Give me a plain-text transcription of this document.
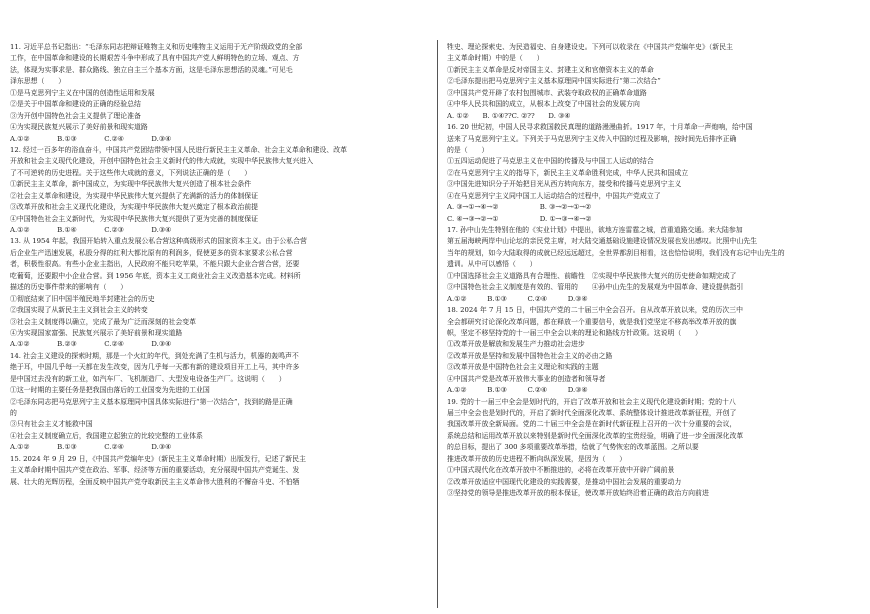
11. 习近平总书记指出：“毛泽东同志把辩证唯物主义和历史唯物主义运用于无产阶级政党的全部
工作，在中国革命和建设的长期艰苦斗争中形成了具有中国共产党人鲜明特色的立场、观点、方
法，体现为实事求是、群众路线、独立自主三个基本方面，这是毛泽东思想活的灵魂。”可见毛
泽东思想（　　）
①是马克思列宁主义在中国的创造性运用和发展
②是关于中国革命和建设的正确的经验总结
③为开创中国特色社会主义提供了理论准备
④为实现民族复兴展示了美好前景和现实道路
A.①②　　　　B.①③　　　　C.②④　　　　D.③④
12. 经过一百多年的浴血奋斗，中国共产党团结带领中国人民进行新民主主义革命、社会主义革命和建设、改革
开放和社会主义现代化建设，开创中国特色社会主义新时代的伟大成就，实现中华民族伟大复兴进入
了不可逆转的历史进程。关于这些伟大成就的意义，下列说法正确的是（　　）
①新民主主义革命，新中国成立，为实现中华民族伟大复兴创造了根本社会条件
②社会主义革命和建设，为实现中华民族伟大复兴提供了充满新的活力的体制保证
③改革开放和社会主义现代化建设，为实现中华民族伟大复兴奠定了根本政治前提
④中国特色社会主义新时代，为实现中华民族伟大复兴提供了更为完善的制度保证
A.①②　　　　B.①④　　　　C.②③　　　　D.③④
13. 从 1954 年起，我国开始转入重点发展公私合营这种高级形式的国家资本主义。由于公私合营
后企业生产迅速发展，私股分得的红利大都比原有的利润多，促使更多的资本家要求公私合营
者，积极性很高。有些小企业主指出，人民政府不能只吃苹果，不能只跟大企业合营合营，还要
吃葡萄，还要跟中小企业合营。到 1956 年底，资本主义工商业社会主义改造基本完成。材料所
描述的历史事件带来的影响有（　　）
①彻底结束了旧中国半殖民地半封建社会的历史
②我国实现了从新民主主义到社会主义的转变
③社会主义制度得以确立，完成了最为广泛而深刻的社会变革
④为实现国家富强、民族复兴展示了美好前景和现实道路
A.①②　　　　B.②③　　　　C.②④　　　　D.③④
14. 社会主义建设的探索时期，那是一个火红的年代，到处充满了生机与活力，机器的轰鸣声不
绝于耳，中国几乎每一天都在发生改变，因为几乎每一天都有新的建设项目开工上马，其中许多
是中国过去没有的新工业，如汽车厂、飞机制造厂、大型发电设备生产厂。这说明（　　）
①这一时期的主要任务是把我国由落后的工业国变为先进的工业国
②毛泽东同志把马克思列宁主义基本原理同中国具体实际进行“第一次结合”，找到的路是正确
的
③只有社会主义才能救中国
④社会主义制度确立后，我国建立起独立的比较完整的工业体系
A.①②　　　　B.①③　　　　C.②④　　　　D.③④
15. 2024 年 9 月 29 日，《中国共产党编年史》（新民主主义革命时期）出版发行，记述了新民主
主义革命时期中国共产党在政治、军事、经济等方面的重要活动，充分展现中国共产党诞生、发
展、壮大的光辉历程，全面反映中国共产党夺取新民主主义革命伟大胜利的不懈奋斗史、不怕牺
牲史、理论探索史、为民造福史、自身建设史。下列可以收录在《中国共产党编年史》（新民主
主义革命时期）中的是（　　）
①新民主主义革命是反对帝国主义、封建主义和官僚资本主义的革命
②毛泽东提出把马克思列宁主义基本原理同中国实际进行“第二次结合”
③中国共产党开辟了农村包围城市、武装夺取政权的正确革命道路
④中华人民共和国的成立，从根本上改变了中国社会的发展方向
A. ①②　　B. ①④??C. ②??　　D. ③④
16. 20 世纪初，中国人民寻求救国救民真理的道路漫漫曲折。1917 年，十月革命一声炮响，给中国
送来了马克思列宁主义。下列关于马克思列宁主义传入中国的过程及影响，按时间先后排序正确
的是（　　）
①五四运动促进了马克思主义在中国的传播及与中国工人运动的结合
②在马克思列宁主义的指导下，新民主主义革命胜利完成，中华人民共和国成立
③中国先进知识分子开始把目光从西方转向东方，接受和传播马克思列宁主义
④在马克思列宁主义同中国工人运动结合的过程中，中国共产党成立了
A. ③→①→④→②　　　　　　B. ③→②→①→②
C. ④→③→②→①　　　　　　D. ①→③→④→②
17. 孙中山先生特别在他的《实业计划》中提出，欲地方连雷霆之城，首重道路交通。来大陆参加
第五届海峡两岸中山论坛的亲民党主席，对大陆交通基础设施建设情况发展也发出感叹。比照中山先生
当年的规划，如今大陆取得的成就已经远远超过，全世界都刮目相看，这也恰恰说明，我们没有忘记中山先生的
遗训。从中可以感悟（　　）
①中国选择社会主义道路具有合理性、前瞻性　②实现中华民族伟大复兴的历史使命如期完成了
③中国特色社会主义制度是有效的、管用的　　④孙中山先生的发展观为中国革命、建设提供指引
A.①②　　　B.①③　　　C.②④　　　D.③④
18. 2024 年 7 月 15 日，中国共产党的二十届三中全会召开。自从改革开放以来，党的历次三中
全会都研究讨论深化改革问题，都在释放一个重要信号，就是我们党坚定不移高举改革开放的旗
帜，坚定不移坚持党的十一届三中全会以来的理论和路线方针政策。这说明（　　）
①改革开放是解放和发展生产力推动社会进步
②改革开放是坚持和发展中国特色社会主义的必由之路
③改革开放是中国特色社会主义理论和实践的主题
④中国共产党是改革开放伟大事业的创造者和领导者
A.①②　　　B.①③　　　C.②④　　　D.③④
19. 党的十一届三中全会是划时代的，开启了改革开放和社会主义现代化建设新时期；党的十八
届三中全会也是划时代的，开启了新时代全面深化改革、系统整体设计推进改革新征程，开创了
我国改革开放全新局面。党的二十届三中全会是在新时代新征程上召开的一次十分重要的会议，
系统总结和运用改革开放以来特别是新时代全面深化改革的宝贵经验，明确了进一步全面深化改革
的总目标，提出了 300 多项重要改革举措，绘就了气势恢宏的改革蓝图。之所以要
推进改革开放的历史进程不断向纵深发展，是因为（　　）
①中国式现代化在改革开放中不断推进的，必将在改革开放中开辟广阔前景
②改革开放适应中国现代化建设的实践需要，是推动中国社会发展的重要动力
③坚持党的领导是推进改革开放的根本保证，使改革开放始终沿着正确的政治方向前进
